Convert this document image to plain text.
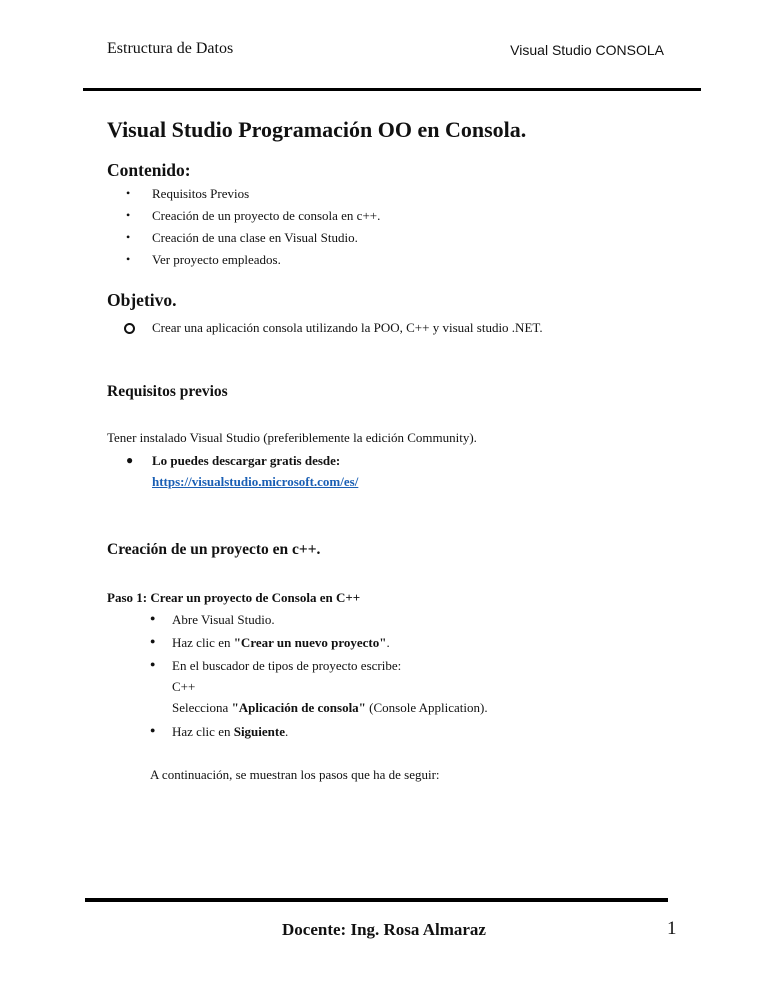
Estructura de Datos	Visual Studio CONSOLA
Visual Studio Programación OO en Consola.
Contenido:
• Requisitos Previos
• Creación de un proyecto de consola en c++.
• Creación de una clase en Visual Studio.
• Ver proyecto empleados.
Objetivo.
Crear una aplicación consola utilizando la POO, C++ y visual studio .NET.
Requisitos previos
Tener instalado Visual Studio (preferiblemente la edición Community).
● Lo puedes descargar gratis desde:
https://visualstudio.microsoft.com/es/
Creación de un proyecto en c++.
Paso 1: Crear un proyecto de Consola en C++
● Abre Visual Studio.
● Haz clic en "Crear un nuevo proyecto".
● En el buscador de tipos de proyecto escribe:
C++
Selecciona "Aplicación de consola" (Console Application).
● Haz clic en Siguiente.
A continuación, se muestran los pasos que ha de seguir:
Docente: Ing. Rosa Almaraz	1
